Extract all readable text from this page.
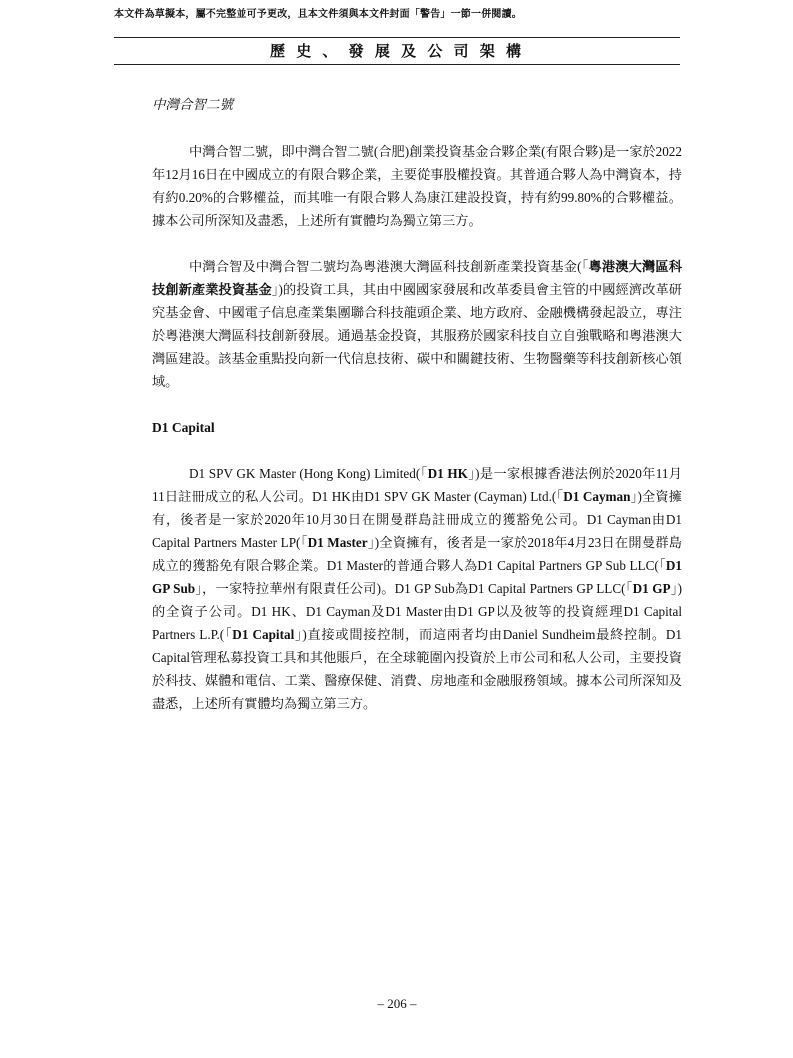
本文件為草擬本，屬不完整並可予更改，且本文件須與本文件封面「警告」一節一併閱讀。
歷 史 、 發 展 及 公 司 架 構

中灣合智二號

中灣合智二號，即中灣合智二號(合肥)創業投資基金合夥企業(有限合夥)是一家於2022年12月16日在中國成立的有限合夥企業，主要從事股權投資。其普通合夥人為中灣資本，持有約0.20%的合夥權益，而其唯一有限合夥人為康江建設投資，持有約99.80%的合夥權益。據本公司所深知及盡悉，上述所有實體均為獨立第三方。

中灣合智及中灣合智二號均為粵港澳大灣區科技創新產業投資基金(「粵港澳大灣區科技創新產業投資基金」)的投資工具，其由中國國家發展和改革委員會主管的中國經濟改革研究基金會、中國電子信息產業集團聯合科技龍頭企業、地方政府、金融機構發起設立，專注於粵港澳大灣區科技創新發展。通過基金投資，其服務於國家科技自立自強戰略和粵港澳大灣區建設。該基金重點投向新一代信息技術、碳中和關鍵技術、生物醫藥等科技創新核心領域。

D1 Capital

D1 SPV GK Master (Hong Kong) Limited(「D1 HK」)是一家根據香港法例於2020年11月11日註冊成立的私人公司。D1 HK由D1 SPV GK Master (Cayman) Ltd.(「D1 Cayman」)全資擁有，後者是一家於2020年10月30日在開曼群島註冊成立的獲豁免公司。D1 Cayman由D1 Capital Partners Master LP(「D1 Master」)全資擁有，後者是一家於2018年4月23日在開曼群島成立的獲豁免有限合夥企業。D1 Master的普通合夥人為D1 Capital Partners GP Sub LLC(「D1 GP Sub」，一家特拉華州有限責任公司)。D1 GP Sub為D1 Capital Partners GP LLC(「D1 GP」)的全資子公司。D1 HK、D1 Cayman及D1 Master由D1 GP以及彼等的投資經理D1 Capital Partners L.P.(「D1 Capital」)直接或間接控制，而這兩者均由Daniel Sundheim最終控制。D1 Capital管理私募投資工具和其他賬戶，在全球範圍內投資於上市公司和私人公司，主要投資於科技、媒體和電信、工業、醫療保健、消費、房地產和金融服務領域。據本公司所深知及盡悉，上述所有實體均為獨立第三方。

– 206 –
